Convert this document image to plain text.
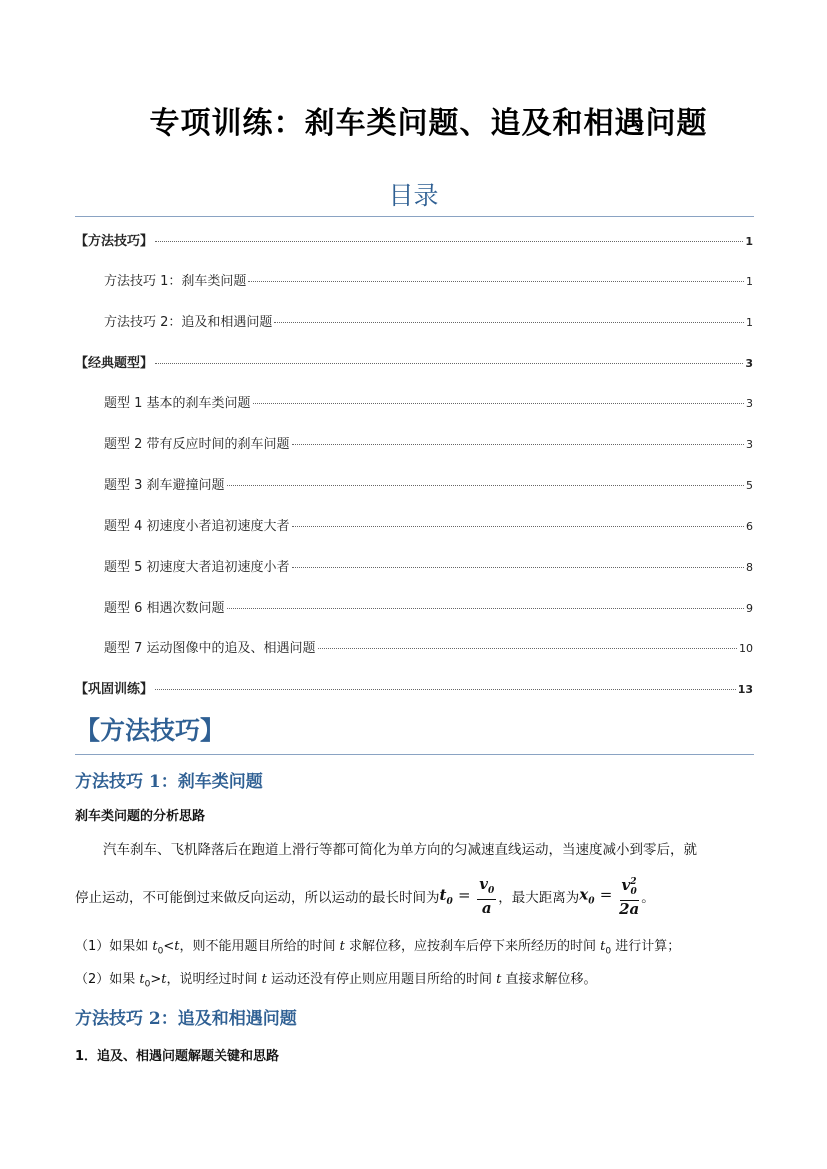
专项训练：刹车类问题、追及和相遇问题
目录
【方法技巧】	1
方法技巧 1：刹车类问题	1
方法技巧 2：追及和相遇问题	1
【经典题型】	3
题型 1 基本的刹车类问题	3
题型 2 带有反应时间的刹车问题	3
题型 3 刹车避撞问题	5
题型 4 初速度小者追初速度大者	6
题型 5 初速度大者追初速度小者	8
题型 6 相遇次数问题	9
题型 7 运动图像中的追及、相遇问题	10
【巩固训练】	13
【方法技巧】
方法技巧 1：刹车类问题
刹车类问题的分析思路
汽车刹车、飞机降落后在跑道上滑行等都可简化为单方向的匀减速直线运动，当速度减小到零后，就
停止运动，不可能倒过来做反向运动，所以运动的最长时间为 $t_0 = \frac{v_0}{a}$ ，最大距离为 $x_0 = \frac{v^2_0}{2a}$ 。
（1）如果如 $t_0<t$，则不能用题目所给的时间 t 求解位移，应按刹车后停下来所经历的时间 $t_0$ 进行计算；
（2）如果 $t_0>t$，说明经过时间 t 运动还没有停止则应用题目所给的时间 t 直接求解位移。
方法技巧 2：追及和相遇问题
1．追及、相遇问题解题关键和思路
